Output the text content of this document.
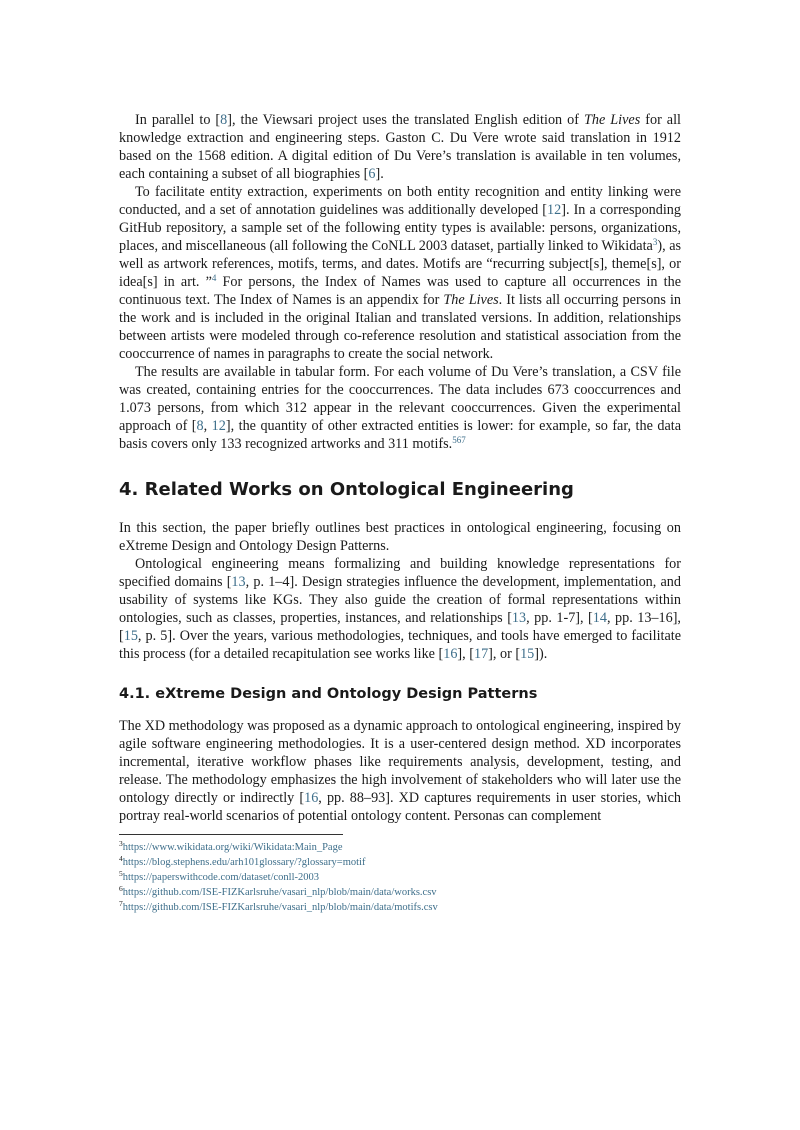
In parallel to [8], the Viewsari project uses the translated English edition of The Lives for all knowledge extraction and engineering steps. Gaston C. Du Vere wrote said translation in 1912 based on the 1568 edition. A digital edition of Du Vere’s translation is available in ten volumes, each containing a subset of all biographies [6].

To facilitate entity extraction, experiments on both entity recognition and entity linking were conducted, and a set of annotation guidelines was additionally developed [12]. In a corresponding GitHub repository, a sample set of the following entity types is available: persons, organizations, places, and miscellaneous (all following the CoNLL 2003 dataset, partially linked to Wikidata$^3$), as well as artwork references, motifs, terms, and dates. Motifs are “recurring subject[s], theme[s], or idea[s] in art. ”$^4$ For persons, the Index of Names was used to capture all occurrences in the continuous text. The Index of Names is an appendix for The Lives. It lists all occurring persons in the work and is included in the original Italian and translated versions. In addition, relationships between artists were modeled through co-reference resolution and statistical association from the cooccurrence of names in paragraphs to create the social network.

The results are available in tabular form. For each volume of Du Vere’s translation, a CSV file was created, containing entries for the cooccurrences. The data includes 673 cooccurrences and 1.073 persons, from which 312 appear in the relevant cooccurrences. Given the experimental approach of [8, 12], the quantity of other extracted entities is lower: for example, so far, the data basis covers only 133 recognized artworks and 311 motifs.$^{567}$

4. Related Works on Ontological Engineering

In this section, the paper briefly outlines best practices in ontological engineering, focusing on eXtreme Design and Ontology Design Patterns.

Ontological engineering means formalizing and building knowledge representations for specified domains [13, p. 1–4]. Design strategies influence the development, implementation, and usability of systems like KGs. They also guide the creation of formal representations within ontologies, such as classes, properties, instances, and relationships [13, pp. 1-7], [14, pp. 13–16], [15, p. 5]. Over the years, various methodologies, techniques, and tools have emerged to facilitate this process (for a detailed recapitulation see works like [16], [17], or [15]).

4.1. eXtreme Design and Ontology Design Patterns

The XD methodology was proposed as a dynamic approach to ontological engineering, inspired by agile software engineering methodologies. It is a user-centered design method. XD incorporates incremental, iterative workflow phases like requirements analysis, development, testing, and release. The methodology emphasizes the high involvement of stakeholders who will later use the ontology directly or indirectly [16, pp. 88–93]. XD captures requirements in user stories, which portray real-world scenarios of potential ontology content. Personas can complement

$^3$https://www.wikidata.org/wiki/Wikidata:Main_Page
$^4$https://blog.stephens.edu/arh101glossary/?glossary=motif
$^5$https://paperswithcode.com/dataset/conll-2003
$^6$https://github.com/ISE-FIZKarlsruhe/vasari_nlp/blob/main/data/works.csv
$^7$https://github.com/ISE-FIZKarlsruhe/vasari_nlp/blob/main/data/motifs.csv
